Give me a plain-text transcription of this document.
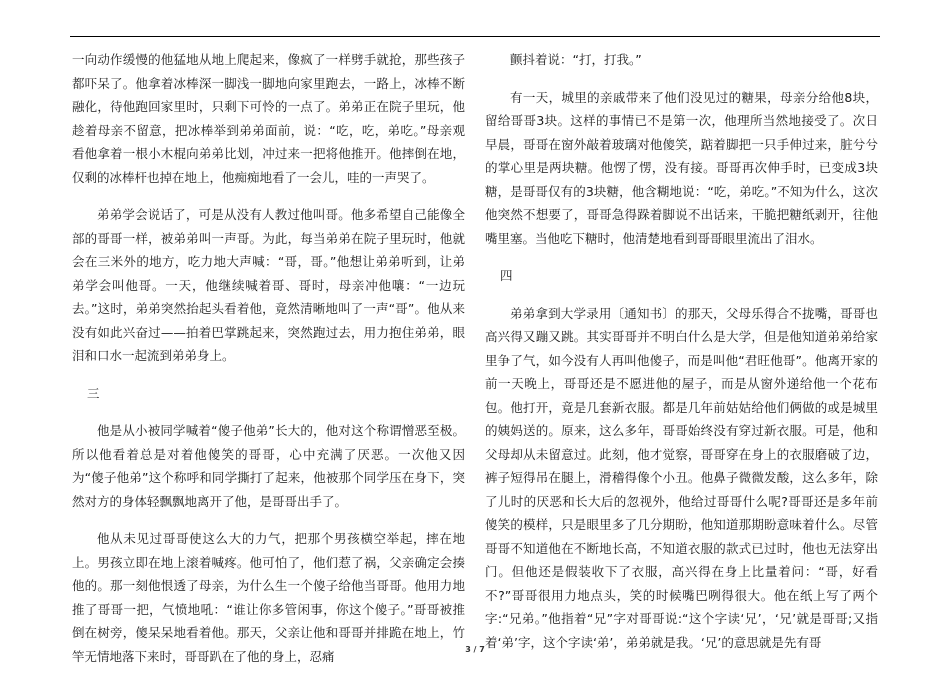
一向动作缓慢的他猛地从地上爬起来，像疯了一样劈手就抢，那些孩子都吓呆了。他拿着冰棒深一脚浅一脚地向家里跑去，一路上，冰棒不断融化，待他跑回家里时，只剩下可怜的一点了。弟弟正在院子里玩，他趁着母亲不留意，把冰棒举到弟弟面前，说：“吃，吃，弟吃。”母亲观看他拿着一根小木棍向弟弟比划，冲过来一把将他推开。他摔倒在地，仅剩的冰棒杆也掉在地上，他痴痴地看了一会儿，哇的一声哭了。

弟弟学会说话了，可是从没有人教过他叫哥。他多希望自己能像全部的哥哥一样，被弟弟叫一声哥。为此，每当弟弟在院子里玩时，他就会在三米外的地方，吃力地大声喊：“哥，哥。”他想让弟弟听到，让弟弟学会叫他哥。一天，他继续喊着哥、哥时，母亲冲他嚷：“一边玩去。”这时，弟弟突然抬起头看着他，竟然清晰地叫了一声“哥”。他从来没有如此兴奋过——拍着巴掌跳起来，突然跑过去，用力抱住弟弟，眼泪和口水一起流到弟弟身上。

三

他是从小被同学喊着“傻子他弟”长大的，他对这个称谓憎恶至极。所以他看着总是对着他傻笑的哥哥，心中充满了厌恶。一次他又因为“傻子他弟”这个称呼和同学撕打了起来，他被那个同学压在身下，突然对方的身体轻飘飘地离开了他，是哥哥出手了。

他从未见过哥哥使这么大的力气，把那个男孩横空举起，摔在地上。男孩立即在地上滚着喊疼。他可怕了，他们惹了祸，父亲确定会揍他的。那一刻他恨透了母亲，为什么生一个傻子给他当哥哥。他用力地推了哥哥一把，气愤地吼：“谁让你多管闲事，你这个傻子。”哥哥被推倒在树旁，傻呆呆地看着他。那天，父亲让他和哥哥并排跪在地上，竹竿无情地落下来时，哥哥趴在了他的身上，忍痛

颤抖着说：“打，打我。”

有一天，城里的亲戚带来了他们没见过的糖果，母亲分给他8块，留给哥哥3块。这样的事情已不是第一次，他理所当然地接受了。次日早晨，哥哥在窗外敲着玻璃对他傻笑，踮着脚把一只手伸过来，脏兮兮的掌心里是两块糖。他愣了愣，没有接。哥哥再次伸手时，已变成3块糖，是哥哥仅有的3块糖，他含糊地说：“吃，弟吃。”不知为什么，这次他突然不想要了，哥哥急得跺着脚说不出话来，干脆把糖纸剥开，往他嘴里塞。当他吃下糖时，他清楚地看到哥哥眼里流出了泪水。

四

弟弟拿到大学录用〔通知书〕的那天，父母乐得合不拢嘴，哥哥也高兴得又蹦又跳。其实哥哥并不明白什么是大学，但是他知道弟弟给家里争了气，如今没有人再叫他傻子，而是叫他“君旺他哥”。他离开家的前一天晚上，哥哥还是不愿进他的屋子，而是从窗外递给他一个花布包。他打开，竟是几套新衣服。都是几年前姑姑给他们俩做的或是城里的姨妈送的。原来，这么多年，哥哥始终没有穿过新衣服。可是，他和父母却从未留意过。此刻，他才觉察，哥哥穿在身上的衣服磨破了边，裤子短得吊在腿上，滑稽得像个小丑。他鼻子微微发酸，这么多年，除了儿时的厌恶和长大后的忽视外，他给过哥哥什么呢?哥哥还是多年前傻笑的模样，只是眼里多了几分期盼，他知道那期盼意味着什么。尽管哥哥不知道他在不断地长高，不知道衣服的款式已过时，他也无法穿出门。但他还是假装收下了衣服，高兴得在身上比量着问：“哥，好看不?”哥哥很用力地点头，笑的时候嘴巴咧得很大。他在纸上写了两个字:“兄弟。”他指着“兄”字对哥哥说:“这个字读‘兄’，‘兄’就是哥哥;又指着‘弟’字，这个字读‘弟’，弟弟就是我。‘兄’的意思就是先有哥

3 / 7
